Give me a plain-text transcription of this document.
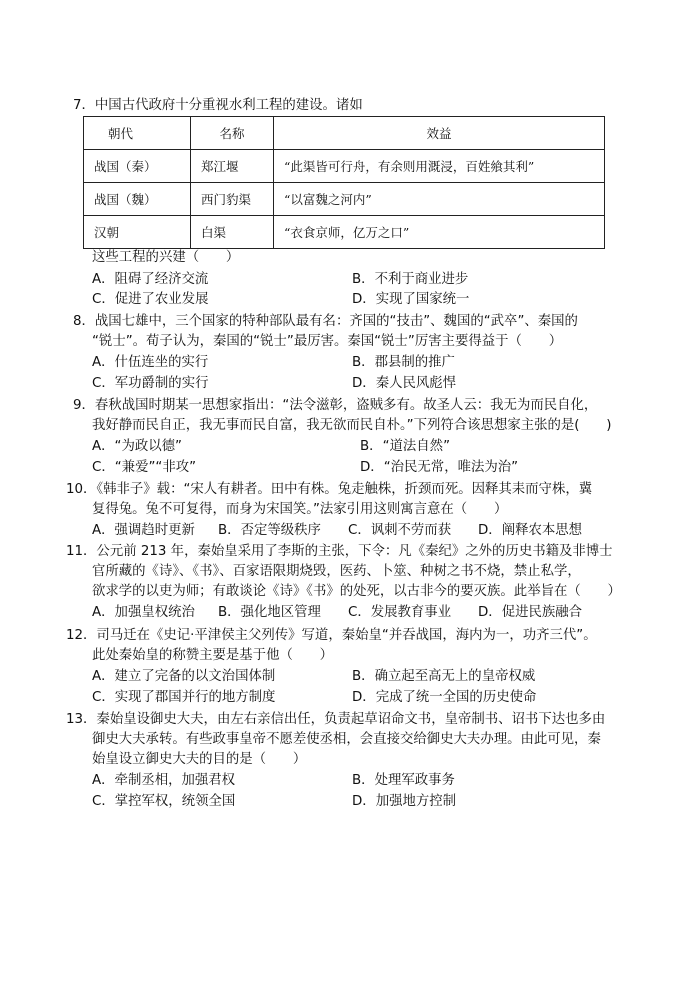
7．中国古代政府十分重视水利工程的建设。诸如
朝代	名称	效益
战国（秦）	郑江堰	“此渠皆可行舟，有余则用溉浸，百姓飨其利”
战国（魏）	西门豹渠	“以富魏之河内”
汉朝	白渠	“衣食京师，亿万之口”
这些工程的兴建（　　）
A．阻碍了经济交流	B．不利于商业进步
C．促进了农业发展	D．实现了国家统一
8．战国七雄中，三个国家的特种部队最有名：齐国的“技击”、魏国的“武卒”、秦国的
“锐士”。荀子认为，秦国的“锐士”最厉害。秦国“锐士”厉害主要得益于（　　）
A．什伍连坐的实行	B．郡县制的推广
C．军功爵制的实行	D．秦人民风彪悍
9．春秋战国时期某一思想家指出：“法令滋彰，盗贼多有。故圣人云：我无为而民自化，
我好静而民自正，我无事而民自富，我无欲而民自朴。”下列符合该思想家主张的是(　　)
A．“为政以德”	B．“道法自然”
C．“兼爱”“非攻”	D．“治民无常，唯法为治”
10．《韩非子》载：“宋人有耕者。田中有株。兔走触株，折颈而死。因释其耒而守株，冀
复得兔。兔不可复得，而身为宋国笑。”法家引用这则寓言意在（　　）
A．强调趋时更新 B．否定等级秩序 C．讽刺不劳而获 D．阐释农本思想
11．公元前 213 年，秦始皇采用了李斯的主张，下令：凡《秦纪》之外的历史书籍及非博士
官所藏的《诗》、《书》、百家语限期烧毁，医药、卜筮、种树之书不烧，禁止私学，
欲求学的以吏为师；有敢谈论《诗》《书》的处死，以古非今的要灭族。此举旨在（　　）
A．加强皇权统治 B．强化地区管理 C．发展教育事业 D．促进民族融合
12．司马迁在《史记·平津侯主父列传》写道，秦始皇“并吞战国，海内为一，功齐三代”。
此处秦始皇的称赞主要是基于他（　　）
A．建立了完备的以文治国体制	B．确立起至高无上的皇帝权威
C．实现了郡国并行的地方制度	D．完成了统一全国的历史使命
13．秦始皇设御史大夫，由左右亲信出任，负责起草诏命文书，皇帝制书、诏书下达也多由
御史大夫承转。有些政事皇帝不愿差使丞相，会直接交给御史大夫办理。由此可见，秦
始皇设立御史大夫的目的是（　　）
A．牵制丞相，加强君权	B．处理军政事务
C．掌控军权，统领全国	D．加强地方控制
